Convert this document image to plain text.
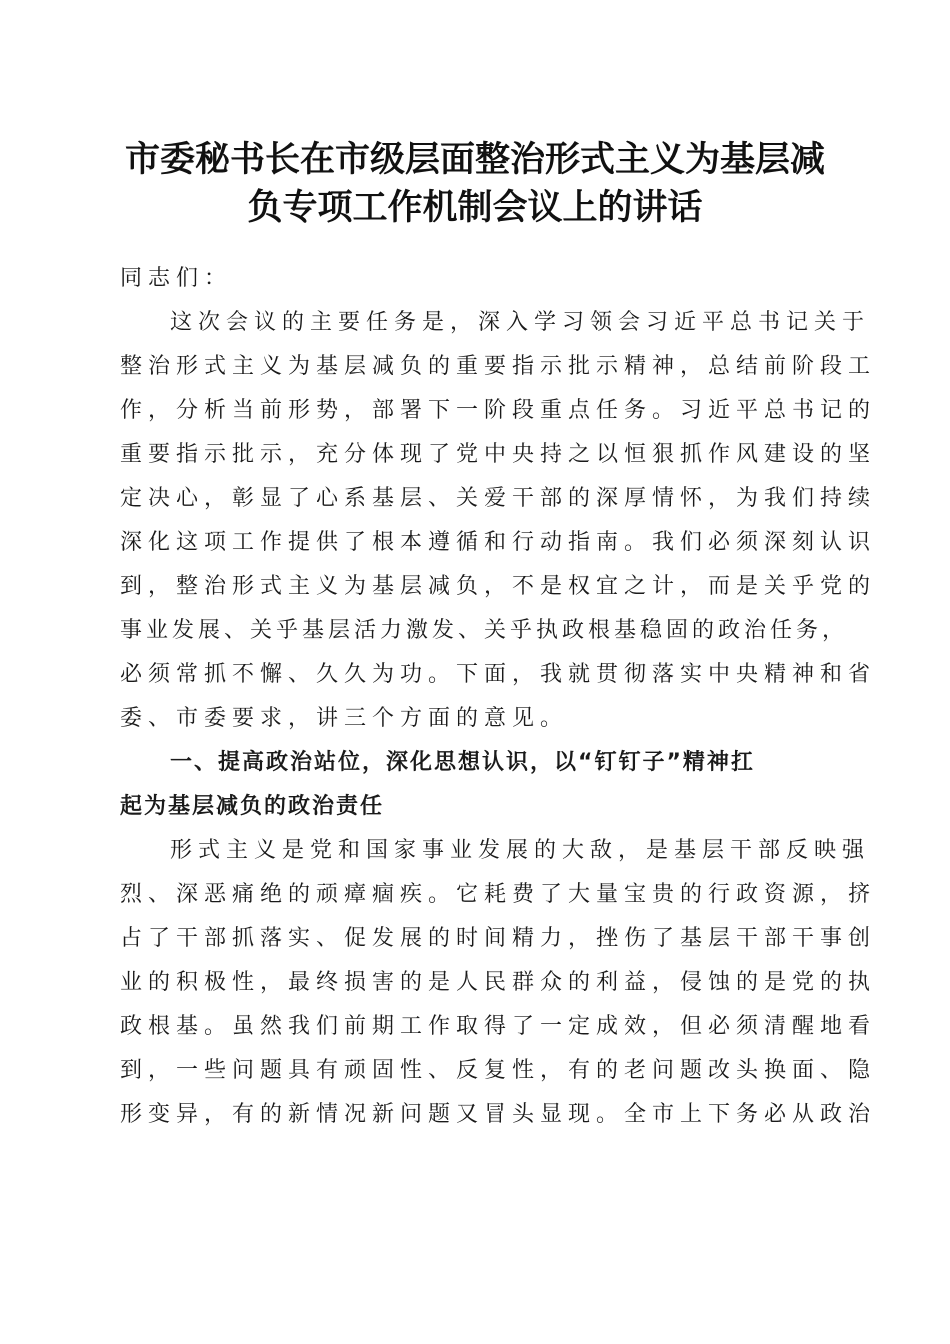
市委秘书长在市级层面整治形式主义为基层减
负专项工作机制会议上的讲话
同志们：
这次会议的主要任务是，深入学习领会习近平总书记关于
整治形式主义为基层减负的重要指示批示精神，总结前阶段工
作，分析当前形势，部署下一阶段重点任务。习近平总书记的
重要指示批示，充分体现了党中央持之以恒狠抓作风建设的坚
定决心，彰显了心系基层、关爱干部的深厚情怀，为我们持续
深化这项工作提供了根本遵循和行动指南。我们必须深刻认识
到，整治形式主义为基层减负，不是权宜之计，而是关乎党的
事业发展、关乎基层活力激发、关乎执政根基稳固的政治任务，
必须常抓不懈、久久为功。下面，我就贯彻落实中央精神和省
委、市委要求，讲三个方面的意见。
一、提高政治站位，深化思想认识，以“钉钉子”精神扛
起为基层减负的政治责任
形式主义是党和国家事业发展的大敌，是基层干部反映强
烈、深恶痛绝的顽瘴痼疾。它耗费了大量宝贵的行政资源，挤
占了干部抓落实、促发展的时间精力，挫伤了基层干部干事创
业的积极性，最终损害的是人民群众的利益，侵蚀的是党的执
政根基。虽然我们前期工作取得了一定成效，但必须清醒地看
到，一些问题具有顽固性、反复性，有的老问题改头换面、隐
形变异，有的新情况新问题又冒头显现。全市上下务必从政治
